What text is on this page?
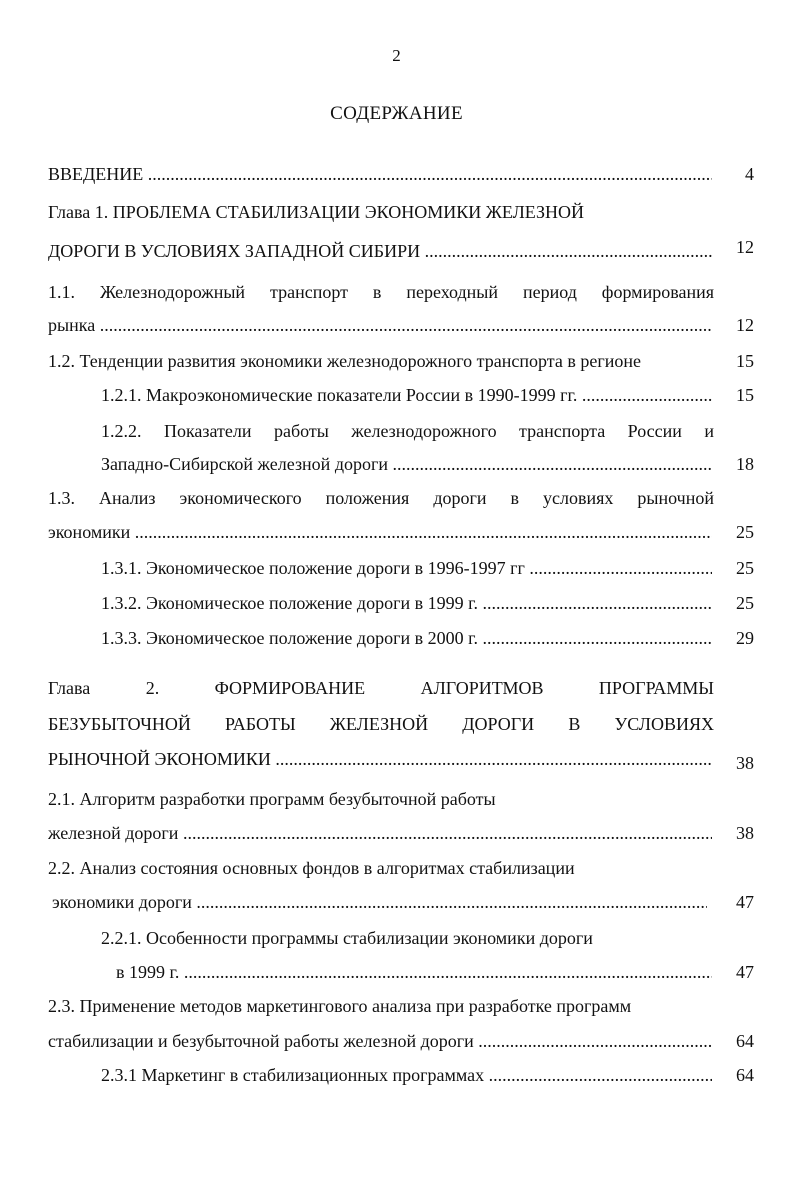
2
СОДЕРЖАНИЕ
ВВЕДЕНИЕ .....	4
Глава 1. ПРОБЛЕМА СТАБИЛИЗАЦИИ ЭКОНОМИКИ ЖЕЛЕЗНОЙ
ДОРОГИ В УСЛОВИЯХ ЗАПАДНОЙ СИБИРИ .....	12
1.1. Железнодорожный транспорт в переходный период формирования
рынка .....	12
1.2. Тенденции развития экономики железнодорожного транспорта в регионе	15
1.2.1. Макроэкономические показатели России в 1990-1999 гг. .....	15
1.2.2. Показатели работы железнодорожного транспорта России и
Западно-Сибирской железной дороги .....	18
1.3. Анализ экономического положения дороги в условиях рыночной
экономики .....	25
1.3.1. Экономическое положение дороги в 1996-1997 гг .....	25
1.3.2. Экономическое положение дороги в 1999 г. .....	25
1.3.3. Экономическое положение дороги в 2000 г. .....	29
Глава 2. ФОРМИРОВАНИЕ АЛГОРИТМОВ ПРОГРАММЫ
БЕЗУБЫТОЧНОЙ РАБОТЫ ЖЕЛЕЗНОЙ ДОРОГИ В УСЛОВИЯХ
РЫНОЧНОЙ ЭКОНОМИКИ .....	38
2.1. Алгоритм разработки программ безубыточной работы
железной дороги .....	38
2.2. Анализ состояния основных фондов в алгоритмах стабилизации
экономики дороги .....	47
2.2.1. Особенности программы стабилизации экономики дороги
в 1999 г. .....	47
2.3. Применение методов маркетингового анализа при разработке программ
стабилизации и безубыточной работы железной дороги .....	64
2.3.1 Маркетинг в стабилизационных программах .....	64
